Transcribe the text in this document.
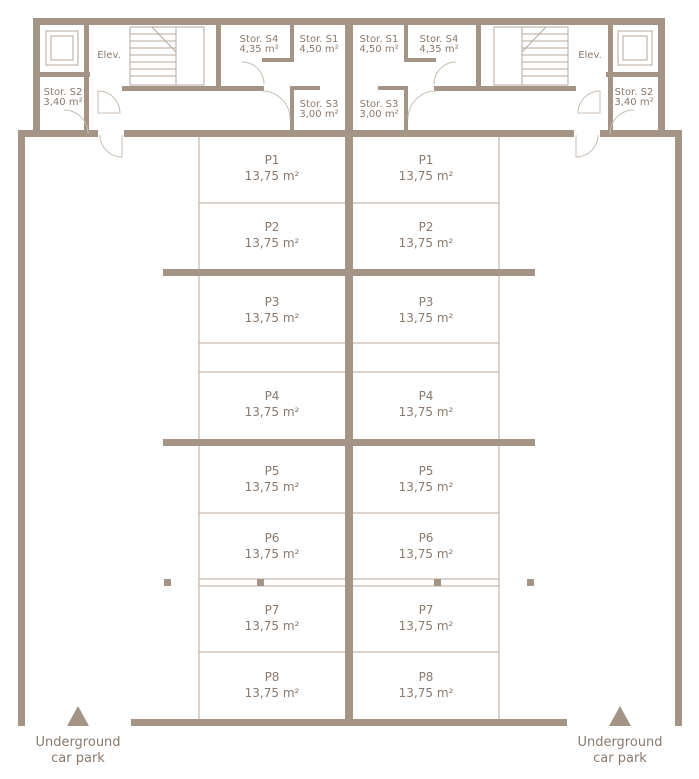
Elev.
Stor. S2
3,40 m²
Stor. S4
4,35 m²
Stor. S1
4,50 m²
Stor. S3
3,00 m²
Elev.
Stor. S2
3,40 m²
Stor. S1
4,50 m²
Stor. S4
4,35 m²
Stor. S3
3,00 m²
P1
13,75 m²
P2
13,75 m²
P3
13,75 m²
P4
13,75 m²
P5
13,75 m²
P6
13,75 m²
P7
13,75 m²
P8
13,75 m²
P1
13,75 m²
P2
13,75 m²
P3
13,75 m²
P4
13,75 m²
P5
13,75 m²
P6
13,75 m²
P7
13,75 m²
P8
13,75 m²
Underground
car park
Underground
car park
